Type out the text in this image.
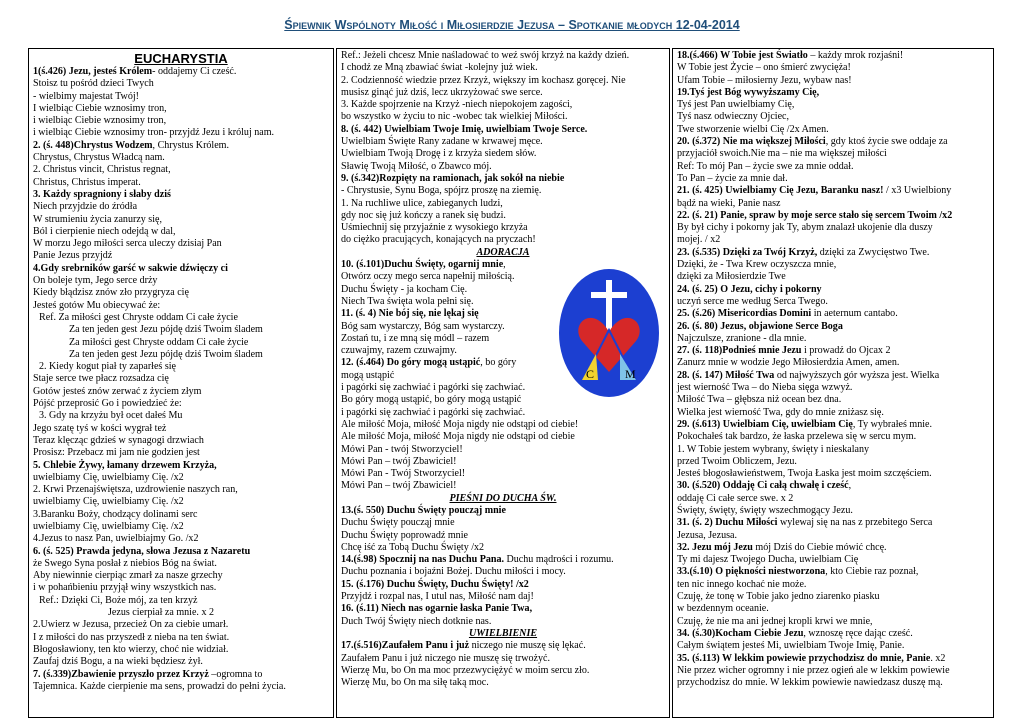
Śpiewnik Wspólnoty Miłość i Miłosierdzie Jezusa – Spotkanie młodych 12-04-2014
EUCHARYSTIA
1(ś.426) Jezu, jesteś Królem- oddajemy Ci cześć.
Stoisz tu pośród dzieci Twych
- wielbimy majestat Twój!
I wielbiąc Ciebie wznosimy tron,
i wielbiąc Ciebie wznosimy tron,
i wielbiąc Ciebie wznosimy tron- przyjdź Jezu i króluj nam.
2. (ś. 448)Chrystus Wodzem, Chrystus Królem.
Chrystus, Chrystus Władcą nam.
2. Christus vincit, Christus regnat,
Christus, Christus imperat.
3. Każdy spragniony i słaby dziś
Niech przyjdzie do źródła
W strumieniu życia zanurzy się,
Ból i cierpienie niech odejdą w dal,
W morzu Jego miłości serca uleczy dzisiaj Pan
Panie Jezus przyjdź
4.Gdy srebrników garść w sakwie dźwięczy ci
On boleje tym, Jego serce drży
Kiedy błądzisz znów zło przygryza cię
Jesteś gotów Mu obiecywać że:
Ref. Za miłości gest Chryste oddam Ci całe życie
Za ten jeden gest Jezu pójdę dziś Twoim śladem
Za miłości gest Chryste oddam Ci całe życie
Za ten jeden gest Jezu pójdę dziś Twoim śladem
2. Kiedy kogut piał ty zaparłeś się
Staje serce twe płacz rozsadza cię
Gotów jesteś znów zerwać z życiem złym
Pójść przeprosić Go i powiedzieć że:
3. Gdy na krzyżu był ocet dałeś Mu
Jego szatę tyś w kości wygrał też
Teraz klęcząc gdzieś w synagogi drzwiach
Prosisz: Przebacz mi jam nie godzien jest
5. Chlebie Żywy, łamany drzewem Krzyża,
uwielbiamy Cię, uwielbiamy Cię. /x2
2. Krwi Przenajświętsza, uzdrowienie naszych ran,
uwielbiamy Cię, uwielbiamy Cię. /x2
3.Baranku Boży, chodzący dolinami serc
uwielbiamy Cię, uwielbiamy Cię. /x2
4.Jezus to nasz Pan, uwielbiajmy Go. /x2
6. (ś. 525) Prawda jedyna, słowa Jezusa z Nazaretu
że Swego Syna posłał z niebios Bóg na świat.
Aby niewinnie cierpiąc zmarł za nasze grzechy
i w pohańbieniu przyjął winy wszystkich nas.
Ref.: Dzięki Ci, Boże mój, za ten krzyż
Jezus cierpiał za mnie. x 2
2.Uwierz w Jezusa, przecież On za ciebie umarł.
I z miłości do nas przyszedł z nieba na ten świat.
Błogosławiony, ten kto wierzy, choć nie widział.
Zaufaj dziś Bogu, a na wieki będziesz żył.
7. (ś.339)Zbawienie przyszło przez Krzyż –ogromna to
Tajemnica. Każde cierpienie ma sens, prowadzi do pełni życia.
Ref.: Jeżeli chcesz Mnie naśladować to weź swój krzyż na każdy dzień.
I chodź ze Mną zbawiać świat -kolejny już wiek.
2. Codzienność wiedzie przez Krzyż, większy im kochasz goręcej. Nie
musisz ginąć już dziś, lecz ukrzyżować swe serce.
3. Każde spojrzenie na Krzyż -niech niepokojem zagości,
bo wszystko w życiu to nic -wobec tak wielkiej Miłości.
8. (ś. 442) Uwielbiam Twoje Imię, uwielbiam Twoje Serce.
Uwielbiam Święte Rany zadane w krwawej męce.
Uwielbiam Twoją Drogę i z krzyża siedem słów.
Sławię Twoją Miłość, o Zbawco mój.
9. (ś.342)Rozpięty na ramionach, jak sokół na niebie
- Chrystusie, Synu Boga, spójrz proszę na ziemię.
1. Na ruchliwe ulice, zabieganych ludzi,
gdy noc się już kończy a ranek się budzi.
Uśmiechnij się przyjaźnie z wysokiego krzyża
do ciężko pracujących, konających na pryczach!
ADORACJA
10. (ś.101)Duchu Święty, ogarnij mnie,
Otwórz oczy mego serca napełnij miłością.
Duchu Święty - ja kocham Cię.
Niech Twa święta wola pełni się.
11. (ś. 4) Nie bój się, nie lękaj się
Bóg sam wystarczy, Bóg sam wystarczy.
Zostań tu, i ze mną się módl – razem
czuwajmy, razem czuwajmy.
12. (ś.464) Do góry mogą ustąpić, bo góry
mogą ustąpić
i pagórki się zachwiać i pagórki się zachwiać.
Bo góry mogą ustąpić, bo góry mogą ustąpić
i pagórki się zachwiać i pagórki się zachwiać.
Ale miłość Moja, miłość Moja nigdy nie odstąpi od ciebie!
Ale miłość Moja, miłość Moja nigdy nie odstąpi od ciebie
Mówi Pan - twój Stworzyciel!
Mówi Pan – twój Zbawiciel!
Mówi Pan - Twój Stworzyciel!
Mówi Pan – twój Zbawiciel!
PIEŚNI DO DUCHA ŚW.
13.(ś. 550) Duchu Święty poucząj mnie
Duchu Święty poucząj mnie
Duchu Święty poprowadź mnie
Chcę iść za Tobą Duchu Święty /x2
14.(ś.98) Spocznij na nas Duchu Pana. Duchu mądrości i rozumu.
Duchu poznania i bojaźni Bożej. Duchu miłości i mocy.
15. (ś.176) Duchu Święty, Duchu Święty! /x2
Przyjdź i rozpal nas, I utul nas, Miłość nam daj!
16. (ś.11) Niech nas ogarnie łaska Panie Twa,
Duch Twój Święty niech dotknie nas.
UWIELBIENIE
17.(ś.516)Zaufałem Panu i już niczego nie muszę się lękać.
Zaufałem Panu i już niczego nie muszę się trwożyć.
Wierzę Mu, bo On ma moc przezwyciężyć w moim sercu zło.
Wierzę Mu, bo On ma siłę taką moc.
18.(ś.466) W Tobie jest Światło – każdy mrok rozjaśni!
W Tobie jest Życie – ono śmierć zwycięża!
Ufam Tobie – miłosierny Jezu, wybaw nas!
19.Tyś jest Bóg wywyższamy Cię,
Tyś jest Pan uwielbiamy Cię,
Tyś nasz odwieczny Ojciec,
Twe stworzenie wielbi Cię /2x Amen.
20. (ś.372) Nie ma większej Miłości, gdy ktoś życie swe oddaje za
przyjaciół swoich.Nie ma – nie ma większej miłości
Ref: To mój Pan – życie swe za mnie oddał.
To Pan – życie za mnie dał.
21. (ś. 425) Uwielbiamy Cię Jezu, Baranku nasz! / x3 Uwielbiony
bądź na wieki, Panie nasz
22. (ś. 21) Panie, spraw by moje serce stało się sercem Twoim /x2
By był cichy i pokorny jak Ty, abym znalazł ukojenie dla duszy
mojej. / x2
23. (ś.535) Dzięki za Twój Krzyż, dzięki za Zwycięstwo Twe.
Dzięki, że - Twa Krew oczyszcza mnie,
dzięki za Miłosierdzie Twe
24. (ś. 25) O Jezu, cichy i pokorny
uczyń serce me według Serca Twego.
25. (ś.26) Misericordias Domini in aeternum cantabo.
26. (ś. 80) Jezus, objawione Serce Boga
Najczulsze, zranione - dla mnie.
27. (ś. 118)Podnieś mnie Jezu i prowadź do Ojcax 2
Zanurz mnie w wodzie Jego Miłosierdzia Amen, amen.
28. (ś. 147) Miłość Twa od najwyższych gór wyższa jest. Wielka
jest wierność Twa – do Nieba sięga wzwyż.
Miłość Twa – głębsza niż ocean bez dna.
Wielka jest wierność Twa, gdy do mnie zniżasz się.
29. (ś.613) Uwielbiam Cię, uwielbiam Cię, Ty wybrałeś mnie.
Pokochałeś tak bardzo, że łaska przelewa się w sercu mym.
1. W Tobie jestem wybrany, święty i nieskalany
przed Twoim Obliczem, Jezu.
Jesteś błogosławieństwem, Twoja Łaska jest moim szczęściem.
30. (ś.520) Oddaję Ci całą chwałę i cześć,
oddaję Ci całe serce swe. x 2
Święty, święty, święty wszechmogący Jezu.
31. (ś. 2) Duchu Miłości wylewaj się na nas z przebitego Serca
Jezusa, Jezusa.
32. Jezu mój Jezu mój Dziś do Ciebie mówić chcę.
Ty mi dajesz Twojego Ducha, uwielbiam Cię
33.(ś.10) O piękności niestworzona, kto Ciebie raz poznał,
ten nic innego kochać nie może.
Czuję, że tonę w Tobie jako jedno ziarenko piasku
w bezdennym oceanie.
Czuję, że nie ma ani jednej kropli krwi we mnie,
34. (ś.30)Kocham Ciebie Jezu, wznoszę ręce dając cześć.
Całym świątem jesteś Mi, uwielbiam Twoje Imię, Panie.
35. (ś.113) W lekkim powiewie przychodzisz do mnie, Panie. x2
Nie przez wicher ogromny i nie przez ogień ale w lekkim powiewie
przychodzisz do mnie. W lekkim powiewie nawiedzasz duszę mą.
C	M
